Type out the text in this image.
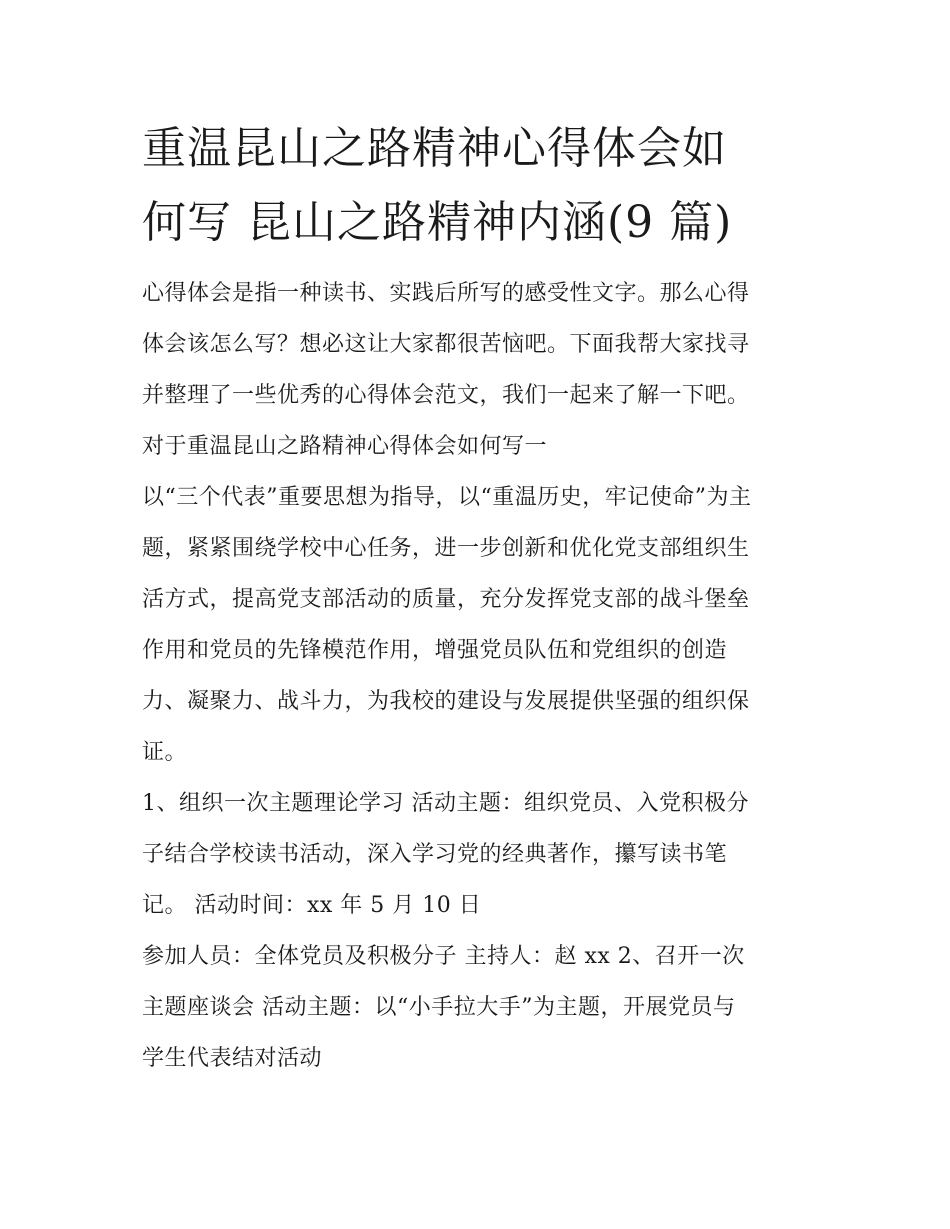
重温昆山之路精神心得体会如
何写 昆山之路精神内涵(9 篇)

心得体会是指一种读书、实践后所写的感受性文字。那么心得
体会该怎么写？想必这让大家都很苦恼吧。下面我帮大家找寻
并整理了一些优秀的心得体会范文，我们一起来了解一下吧。

对于重温昆山之路精神心得体会如何写一

以“三个代表”重要思想为指导，以“重温历史，牢记使命”为主
题，紧紧围绕学校中心任务，进一步创新和优化党支部组织生
活方式，提高党支部活动的质量，充分发挥党支部的战斗堡垒
作用和党员的先锋模范作用，增强党员队伍和党组织的创造
力、凝聚力、战斗力，为我校的建设与发展提供坚强的组织保
证。

1、组织一次主题理论学习 活动主题：组织党员、入党积极分
子结合学校读书活动，深入学习党的经典著作，攥写读书笔
记。 活动时间：xx 年 5 月 10 日

参加人员：全体党员及积极分子 主持人：赵 xx 2、召开一次
主题座谈会 活动主题：以“小手拉大手”为主题，开展党员与
学生代表结对活动
